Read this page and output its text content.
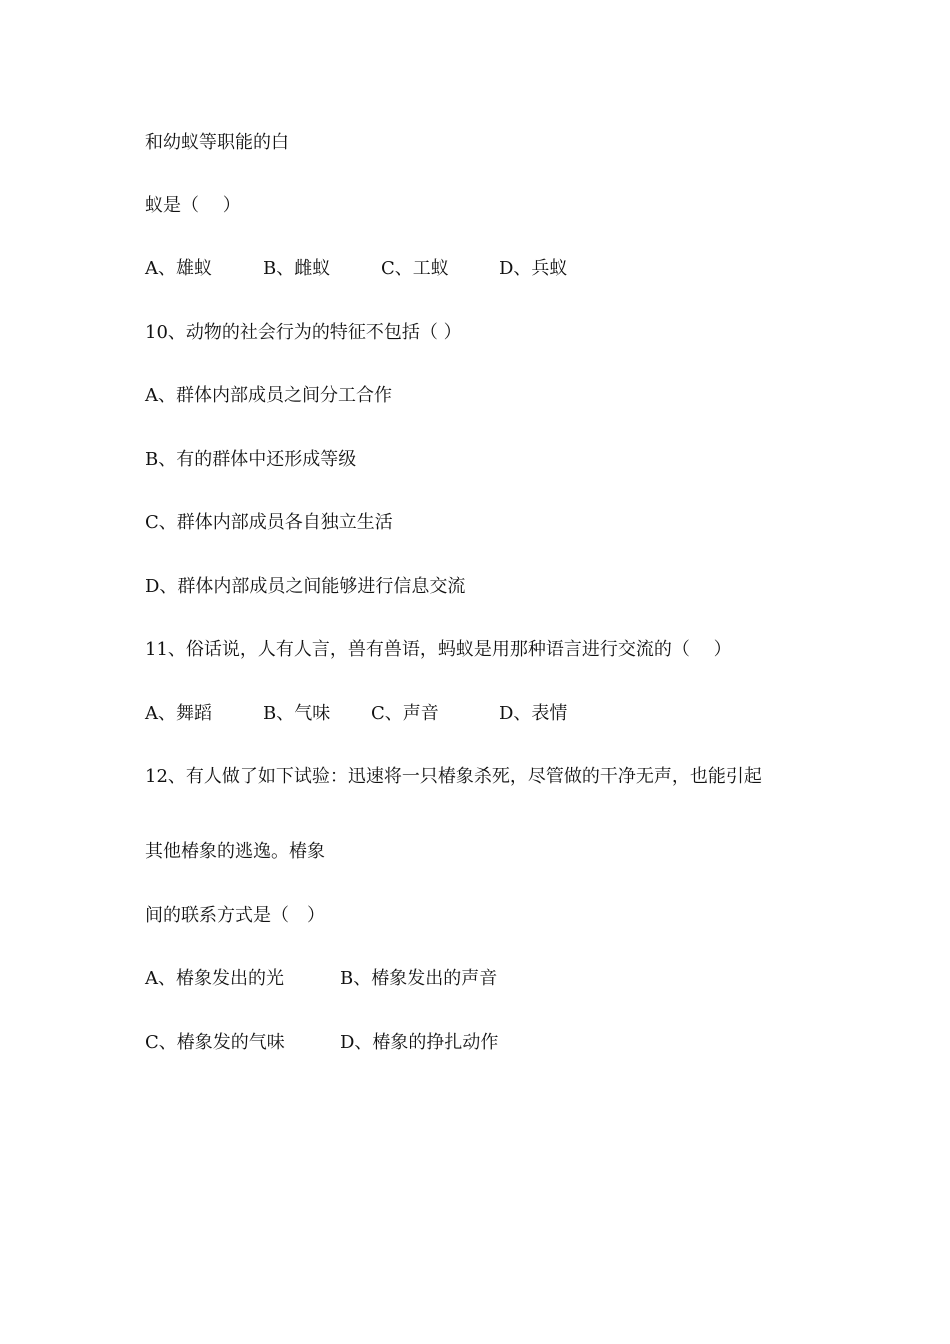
和幼蚁等职能的白
蚁是（　 ）
A、雄蚁	B、雌蚁	C、工蚁	D、兵蚁
10、动物的社会行为的特征不包括（ ）
A、群体内部成员之间分工合作
B、有的群体中还形成等级
C、群体内部成员各自独立生活
D、群体内部成员之间能够进行信息交流
11、俗话说，人有人言，兽有兽语，蚂蚁是用那种语言进行交流的（　 ）
A、舞蹈	B、气味 C、声音	D、表情
12、有人做了如下试验：迅速将一只椿象杀死，尽管做的干净无声，也能引起
其他椿象的逃逸。椿象
间的联系方式是（　）
A、椿象发出的光	B、椿象发出的声音
C、椿象发的气味	D、椿象的挣扎动作
